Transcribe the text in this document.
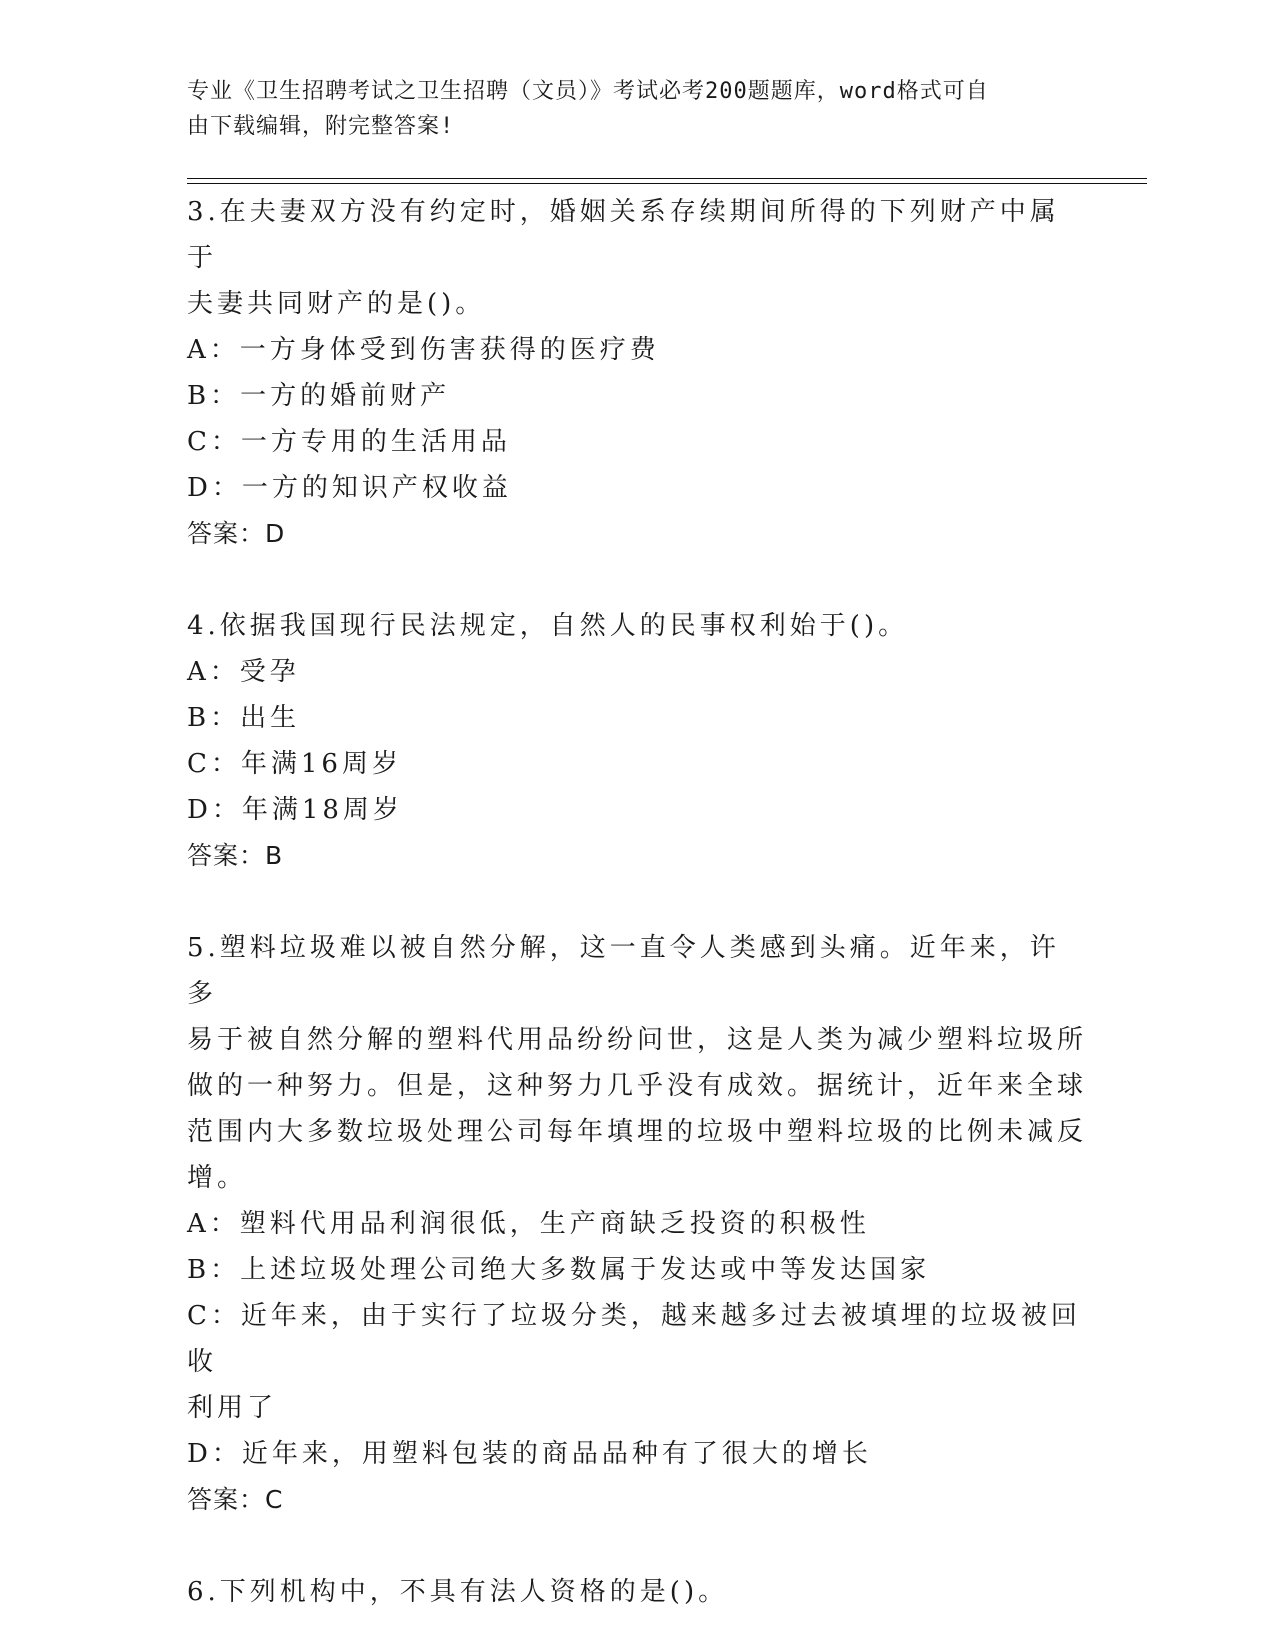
专业《卫生招聘考试之卫生招聘（文员）》考试必考200题题库，word格式可自
由下载编辑，附完整答案!
3.在夫妻双方没有约定时，婚姻关系存续期间所得的下列财产中属于
夫妻共同财产的是()。
A：一方身体受到伤害获得的医疗费
B：一方的婚前财产
C：一方专用的生活用品
D：一方的知识产权收益
答案：D
4.依据我国现行民法规定，自然人的民事权利始于()。
A：受孕
B：出生
C：年满16周岁
D：年满18周岁
答案：B
5.塑料垃圾难以被自然分解，这一直令人类感到头痛。近年来，许多
易于被自然分解的塑料代用品纷纷问世，这是人类为减少塑料垃圾所
做的一种努力。但是，这种努力几乎没有成效。据统计，近年来全球
范围内大多数垃圾处理公司每年填埋的垃圾中塑料垃圾的比例未减反
增。
A：塑料代用品利润很低，生产商缺乏投资的积极性
B：上述垃圾处理公司绝大多数属于发达或中等发达国家
C：近年来，由于实行了垃圾分类，越来越多过去被填埋的垃圾被回收
利用了
D：近年来，用塑料包装的商品品种有了很大的增长
答案：C
6.下列机构中，不具有法人资格的是()。
